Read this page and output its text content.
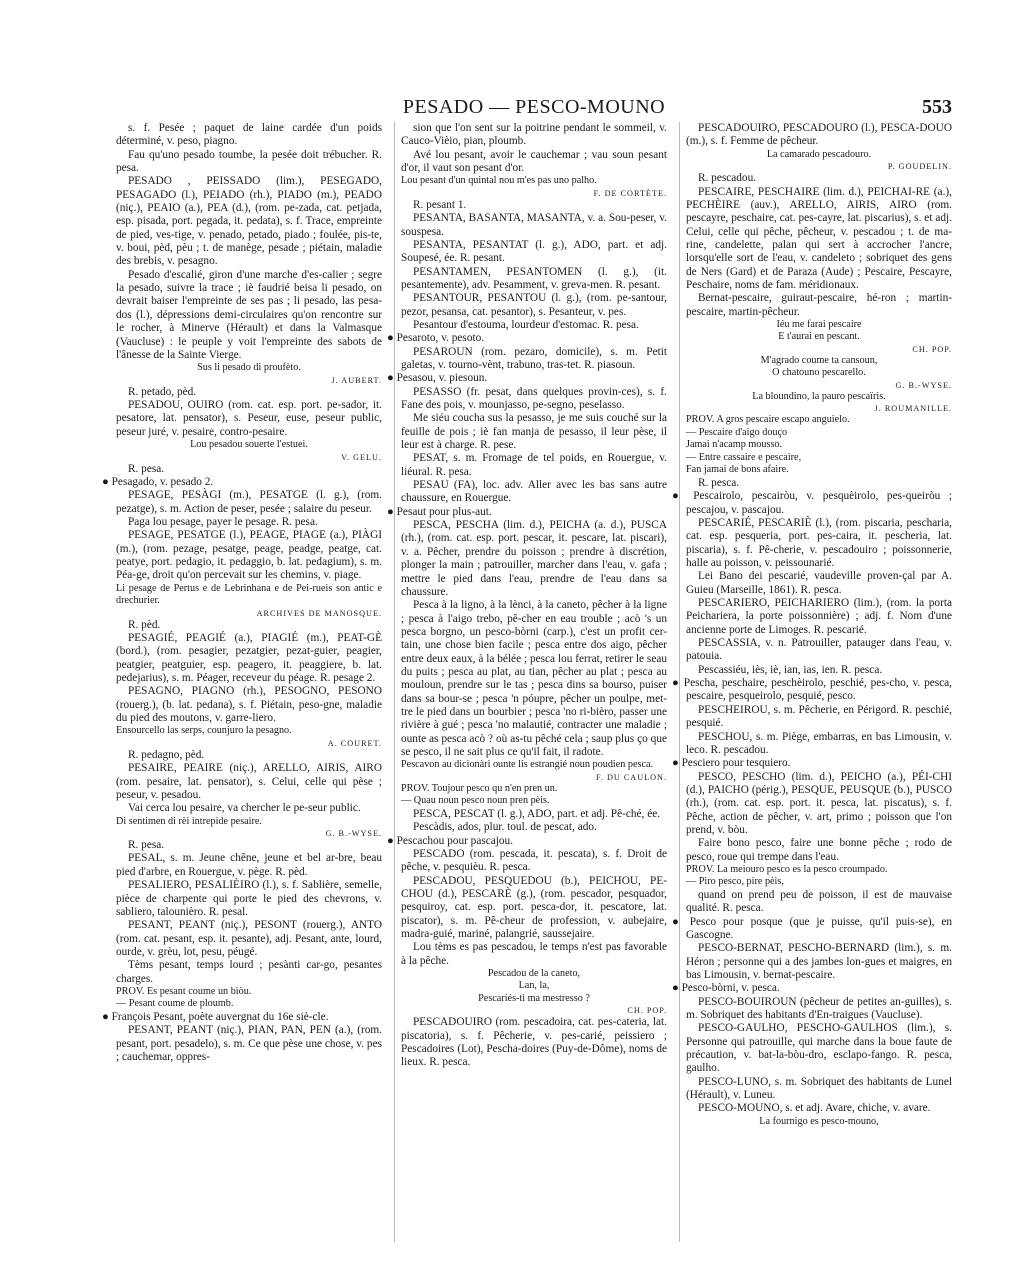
PESADO — PESCO-MOUNO	553

s. f. Pesée ; paquet de laine cardée d'un poids déterminé, v. peso, piagno.

Fau qu'uno pesado toumbe, la pesée doit trébucher. R. pesa.

PESADO , PEISSADO (lim.), PESEGADO, PESAGADO (l.), PEIADO (rh.), PIADO (m.), PEADO (niç.), PEAIO (a.), PEA (d.), (rom. pe-zada, cat. petjada, esp. pisada, port. pegada, it. pedata), s. f. Trace, empreinte de pied, ves-tige, v. penado, petado, piado ; foulée, pis-te, v. boui, pèd, pèu ; t. de manège, pesade ; piétain, maladie des brebis, v. pesagno.

Pesado d'escalié, giron d'une marche d'es-calier ; segre la pesado, suivre la trace ; iè faudrié beisa li pesado, on devrait baiser l'empreinte de ses pas ; li pesado, las pesa-dos (l.), dépressions demi-circulaires qu'on rencontre sur le rocher, à Minerve (Hérault) et dans la Valmasque (Vaucluse) : le peuple y voit l'empreinte des sabots de l'ânesse de la Sainte Vierge.

Sus li pesado di proufèto.

J. AUBERT.

R. petado, pèd.

PESADOU, OUIRO (rom. cat. esp. port. pe-sador, it. pesatore, lat. pensator), s. Peseur, euse, peseur public, peseur juré, v. pesaire, contro-pesaire.

Lou pesadou souerte l'estuei.

V. GELU.

R. pesa.

● Pesagado, v. pesado 2.

PESAGE, PESÀGI (m.), PESATGE (l. g.), (rom. pezatge), s. m. Action de peser, pesée ; salaire du peseur.

Paga lou pesage, payer le pesage. R. pesa.

PESAGE, PESATGE (l.), PEAGE, PIAGE (a.), PIÀGI (m.), (rom. pezage, pesatge, peage, peadge, peatge, cat. peatye, port. pedagio, it. pedaggio, b. lat. pedagium), s. m. Péa-ge, droit qu'on percevait sur les chemins, v. piage.

Li pesage de Pertus e de Lebrinhana e de Pei-rueis son antic e drechurier.

ARCHIVES DE MANOSQUE.

R. pèd.

PESAGIÉ, PEAGIÉ (a.), PIAGIÉ (m.), PEAT-GÈ (bord.), (rom. pesagier, pezatgier, pezat-guier, peagier, peatgier, peatguier, esp. peagero, it. peaggiere, b. lat. pedejarius), s. m. Péager, receveur du péage. R. pesage 2.

PESAGNO, PIAGNO (rh.), PESOGNO, PESONO (rouerg.), (b. lat. pedana), s. f. Piétain, peso-gne, maladie du pied des moutons, v. garre-liero.

Ensourcello las serps, counjuro la pesagno.

A. COURET.

R. pedagno, pèd.

PESAIRE, PEAIRE (niç.), ARELLO, AIRIS, AIRO (rom. pesaire, lat. pensator), s. Celui, celle qui pèse ; peseur, v. pesadou.

Vai cerca lou pesaire, va chercher le pe-seur public.

Di sentimen di rèi intrepide pesaire.

G. B.-WYSE.

R. pesa.

PESAL, s. m. Jeune chêne, jeune et bel ar-bre, beau pied d'arbre, en Rouergue, v. pège. R. pèd.

PESALIERO, PESALIÈIRO (l.), s. f. Sablière, semelle, pièce de charpente qui porte le pied des chevrons, v. sabliero, talounièro. R. pesal.

PESANT, PEANT (niç.), PESONT (rouerg.), ANTO (rom. cat. pesant, esp. it. pesante), adj. Pesant, ante, lourd, ourde, v. grèu, lot, pesu, péugé.

Tèms pesant, temps lourd ; pesànti car-go, pesantes charges.

PROV. Es pesant coume un biòu.

— Pesant coume de ploumb.

● François Pesant, poète auvergnat du 16e siè-cle.

PESANT, PEANT (niç.), PIAN, PAN, PEN (a.), (rom. pesant, port. pesadelo), s. m. Ce que pèse une chose, v. pes ; cauchemar, oppres-

sion que l'on sent sur la poitrine pendant le sommeil, v. Cauco-Vièio, pian, ploumb.

Avé lou pesant, avoir le cauchemar ; vau soun pesant d'or, il vaut son pesant d'or.

Lou pesant d'un quintal nou m'es pas uno palho.

F. DE CORTÈTE.

R. pesant 1.

PESANTA, BASANTA, MASANTA, v. a. Sou-peser, v. souspesa.

PESANTA, PESANTAT (l. g.), ADO, part. et adj. Soupesé, ée. R. pesant.

PESANTAMEN, PESANTOMEN (l. g.), (it. pesantemente), adv. Pesamment, v. greva-men. R. pesant.

PESANTOUR, PESANTOU (l. g.), (rom. pe-santour, pezor, pesansa, cat. pesantor), s. Pesanteur, v. pes.

Pesantour d'estouma, lourdeur d'estomac. R. pesa.

● Pesaroto, v. pesoto.

PESAROUN (rom. pezaro, domicile), s. m. Petit galetas, v. tourno-vènt, trabuno, tras-tet. R. piasoun.

● Pesasou, v. piesoun.

PESASSO (fr. pesat, dans quelques provin-ces), s. f. Fane des pois, v. mounjasso, pe-segno, peselasso.

Me siéu coucha sus la pesasso, je me suis couché sur la feuille de pois ; iè fan manja de pesasso, il leur pèse, il leur est à charge. R. pese.

PESAT, s. m. Fromage de tel poids, en Rouergue, v. liéural. R. pesa.

PESAU (FA), loc. adv. Aller avec les bas sans autre chaussure, en Rouergue.

● Pesaut pour plus-aut.

PESCA, PESCHA (lim. d.), PEICHA (a. d.), PUSCA (rh.), (rom. cat. esp. port. pescar, it. pescare, lat. piscari), v. a. Pêcher, prendre du poisson ; prendre à discrétion, plonger la main ; patrouiller, marcher dans l'eau, v. gafa ; mettre le pied dans l'eau, prendre de l'eau dans sa chaussure.

Pesca à la ligno, à la lènci, à la caneto, pêcher à la ligne ; pesca à l'aigo trebo, pê-cher en eau trouble ; acò 's un pesca borgno, un pesco-bòrni (carp.), c'est un profit cer-tain, une chose bien facile ; pesca entre dos aigo, pêcher entre deux eaux, à la bélée ; pesca lou ferrat, retirer le seau du puits ; pesca au plat, au tian, pêcher au plat ; pesca au mouloun, prendre sur le tas ; pesca dins sa bourso, puiser dans sa bour-se ; pesca 'n póupre, pêcher un poulpe, met-tre le pied dans un bourbier ; pesca 'no ri-bièro, passer une rivière à gué ; pesca 'no malautié, contracter une maladie ; ounte as pesca acò ? où as-tu pêché cela ; saup plus ço que se pesco, il ne sait plus ce qu'il fait, il radote.

Pescavon au dicionàri ounte lis estrangié noun poudien pesca.

F. DU CAULON.

PROV. Toujour pesco qu n'en pren un.

— Quau noun pesco noun pren pèis.

PESCA, PESCAT (l. g.), ADO, part. et adj. Pê-ché, ée.

Pescàdis, ados, plur. toul. de pescat, ado.

● Pescachou pour pascajou.

PESCADO (rom. pescada, it. pescata), s. f. Droit de pêche, v. pesquièu. R. pesca.

PESCADOU, PESQUEDOU (b.), PEICHOU, PE-CHOU (d.), PESCARÈ (g.), (rom. pescador, pesquador, pesquiroy, cat. esp. port. pesca-dor, it. pescatore, lat. piscator), s. m. Pê-cheur de profession, v. aubejaire, madra-guié, mariné, palangrié, saussejaire.

Lou tèms es pas pescadou, le temps n'est pas favorable à la pêche.

Pescadou de la caneto,

Lan, la,

Pescariés-ti ma mestresso ?

CH. POP.

PESCADOUIRO (rom. pescadoira, cat. pes-cateria, lat. piscatoria), s. f. Pêcherie, v. pes-carié, peissiero ; Pescadoires (Lot), Pescha-doires (Puy-de-Dôme), noms de lieux. R. pesca.

PESCADOUIRO, PESCADOURO (l.), PESCA-DOUO (m.), s. f. Femme de pêcheur.

La camarado pescadouro.

P. GOUDELIN.

R. pescadou.

PESCAIRE, PESCHAIRE (lim. d.), PEICHAI-RE (a.), PECHÈIRE (auv.), ARELLO, AIRIS, AIRO (rom. pescayre, peschaire, cat. pes-cayre, lat. piscarius), s. et adj. Celui, celle qui pêche, pêcheur, v. pescadou ; t. de ma-rine, candelette, palan qui sert à accrocher l'ancre, lorsqu'elle sort de l'eau, v. candeleto ; sobriquet des gens de Ners (Gard) et de Paraza (Aude) ; Pescaire, Pescayre, Peschaire, noms de fam. méridionaux.

Bernat-pescaire, guiraut-pescaire, hé-ron ; martin-pescaire, martin-pêcheur.

Iéu me farai pescaire

E t'aurai en pescant.

CH. POP.

M'agrado coume ta cansoun,

O chatouno pescarello.

G. B.-WYSE.

La bloundino, la pauro pescaïris.

J. ROUMANILLE.

PROV. A gros pescaire escapo anguielo.

— Pescaire d'aigo douço

Jamai n'acamp mousso.

— Entre cassaire e pescaire,

Fan jamai de bons afaire.

R. pesca.

● Pescairolo, pescairòu, v. pesquèirolo, pes-queiròu ; pescajou, v. pascajou.

PESCARIÉ, PESCARIÈ (l.), (rom. piscaria, pescharia, cat. esp. pesqueria, port. pes-caira, it. pescheria, lat. piscaria), s. f. Pê-cherie, v. pescadouiro ; poissonnerie, halle au poisson, v. peissounarié.

Lei Bano dei pescarié, vaudeville proven-çal par A. Guieu (Marseille, 1861). R. pesca.

PESCARIERO, PEICHARIERO (lim.), (rom. la porta Peichariera, la porte poissonnière) ; adj. f. Nom d'une ancienne porte de Limoges. R. pescarié.

PESCASSIA, v. n. Patrouiller, patauger dans l'eau, v. patouia.

Pescassiéu, iès, iè, ian, ias, ien. R. pesca.

● Pescha, peschaire, peschèirolo, peschié, pes-cho, v. pesca, pescaire, pesqueirolo, pesquié, pesco.

PESCHEIROU, s. m. Pêcherie, en Périgord. R. peschié, pesquié.

PESCHOU, s. m. Piège, embarras, en bas Limousin, v. leco. R. pescadou.

● Pesciero pour tesquiero.

PESCO, PESCHO (lim. d.), PEICHO (a.), PÉI-CHI (d.), PAICHO (périg.), PESQUE, PEUSQUE (b.), PUSCO (rh.), (rom. cat. esp. port. it. pesca, lat. piscatus), s. f. Pêche, action de pêcher, v. art, primo ; poisson que l'on prend, v. bòu.

Faire bono pesco, faire une bonne pêche ; rodo de pesco, roue qui trempe dans l'eau.

PROV. La meiouro pesco es la pesco croumpado.

— Piro pesco, pire pèis,

quand on prend peu de poisson, il est de mauvaise qualité. R. pesca.

● Pesco pour posque (que je puisse, qu'il puis-se), en Gascogne.

PESCO-BERNAT, PESCHO-BERNARD (lim.), s. m. Héron ; personne qui a des jambes lon-gues et maigres, en bas Limousin, v. bernat-pescaire.

● Pesco-bòrni, v. pesca.

PESCO-BOUIROUN (pêcheur de petites an-guilles), s. m. Sobriquet des habitants d'En-traigues (Vaucluse).

PESCO-GAULHO, PESCHO-GAULHOS (lim.), s. Personne qui patrouille, qui marche dans la boue faute de précaution, v. bat-la-bòu-dro, esclapo-fango. R. pesca, gaulho.

PESCO-LUNO, s. m. Sobriquet des habitants de Lunel (Hérault), v. Luneu.

PESCO-MOUNO, s. et adj. Avare, chiche, v. avare.

La fournigo es pesco-mouno,
